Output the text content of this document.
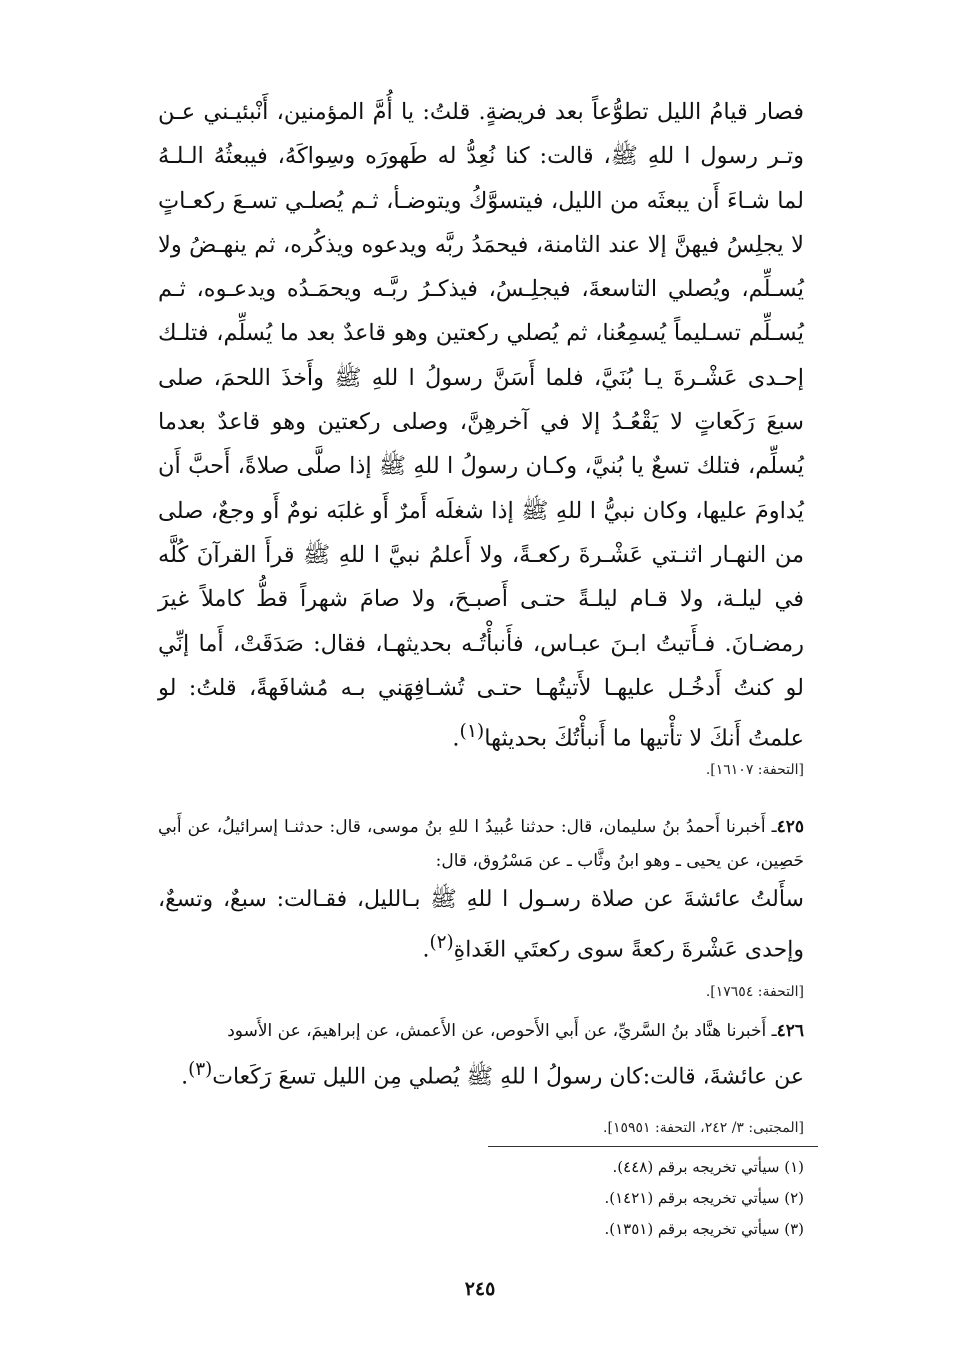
فصار قيامُ الليل تطوُّعاً بعد فريضةٍ. قلتُ: يا أُمَّ المؤمنين، أَنْبئيـني عـن وتـر رسول ا للهِ ﷺ، قالت: كنا نُعِدُّ له طَهورَه وسِواكَهُ، فيبعثُهُ الـلـهُ لما شـاءَ أَن يبعثَه من الليل، فيتسوَّكُ ويتوضـأ، ثـم يُصلـي تسـعَ ركعـاتٍ لا يجلِسُ فيهنَّ إلا عند الثامنة، فيحمَدُ ربَّه ويدعوه ويذكُره، ثم ينهـضُ ولا يُسـلِّم، ويُصلي التاسعةَ، فيجلِـسُ، فيذكـرُ ربَّـه ويحمَـدُه ويدعـوه، ثـم يُسـلِّم تسـليماً يُسمِعُنا، ثم يُصلي ركعتين وهو قاعدٌ بعد ما يُسلِّم، فتلـك إحـدى عَشْـرةَ يـا بُنَيَّ، فلما أَسَنَّ رسولُ ا للهِ ﷺ وأَخذَ اللحمَ، صلى سبعَ رَكَعاتٍ لا يَقْعُـدُ إلا في آخرهِنَّ، وصلى ركعتين وهو قاعدٌ بعدما يُسلِّم، فتلك تسعٌ يا بُنيَّ، وكـان رسولُ ا للهِ ﷺ إذا صلَّى صلاةً، أَحبَّ أَن يُداومَ عليها، وكان نبيُّ ا للهِ ﷺ إذا شغلَه أَمرٌ أَو غلبَه نومٌ أَو وجعٌ، صلى من النهـار اثنـتي عَشْـرةَ ركعـةً، ولا أَعلمُ نبيَّ ا للهِ ﷺ قرأَ القرآنَ كُلَّه في ليلـة، ولا قـام ليلـةً حتـى أَصبـحَ، ولا صامَ شهراً قطُّ كاملاً غيرَ رمضـانَ. فـأَتيتُ ابـنَ عبـاس، فأَنبأْتُـه بحديثهـا، فقال: صَدَقَتْ، أَما إنِّي لو كنتُ أَدخُـل عليهـا لأَتيتُهـا حتـى تُشـافِهَني بـه مُشافَهةً، قلتُ: لو علمتُ أَنكَ لا تأْتيها ما أَنبأْتُكَ بحديثها$^{(١)}$.

[التحفة: ١٦١٠٧].
٤٢٥ـ أَخبرنا أَحمدُ بنُ سليمان، قال: حدثنا عُبيدُ ا للهِ بنُ موسى، قال: حدثنـا إسرائيلُ، عن أَبي حَصِين، عن يحيى ـ وهو ابنُ وثَّاب ـ عن مَسْرُوق، قال:
سأَلتُ عائشةَ عن صلاة رسـول ا للهِ ﷺ بـالليل، فقـالت: سبعٌ، وتسعٌ، وإحدى عَشْرةَ ركعةً سوى ركعتَي الغَداةِ$^{(٢)}$.
[التحفة: ١٧٦٥٤].
٤٢٦ـ أَخبرنا هنَّاد بنُ السَّريِّ، عن أَبي الأَحوص، عن الأَعمش، عن إبراهيمَ، عن الأَسود
عن عائشةَ، قالت:كان رسولُ ا للهِ ﷺ يُصلي مِن الليل تسعَ رَكَعات$^{(٣)}$.
[المجتبى: ٣/ ٢٤٢، التحفة: ١٥٩٥١].
(١) سيأتي تخريجه برقم (٤٤٨).
(٢) سيأتي تخريجه برقم (١٤٢١).
(٣) سيأتي تخريجه برقم (١٣٥١).
٢٤٥
